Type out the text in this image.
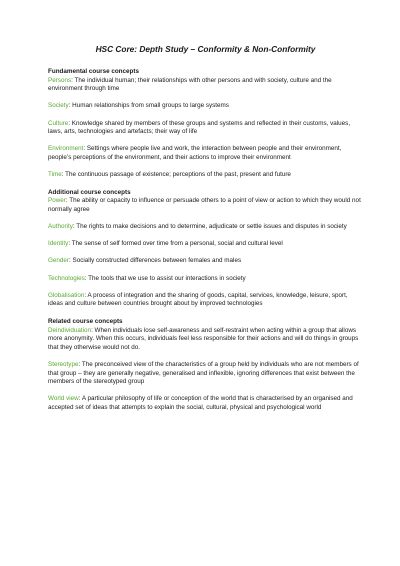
HSC Core: Depth Study – Conformity & Non-Conformity

Fundamental course concepts

Persons: The individual human; their relationships with other persons and with society, culture and the environment through time

Society: Human relationships from small groups to large systems

Culture: Knowledge shared by members of these groups and systems and reflected in their customs, values, laws, arts, technologies and artefacts; their way of life

Environment: Settings where people live and work, the interaction between people and their environment, people’s perceptions of the environment, and their actions to improve their environment

Time: The continuous passage of existence; perceptions of the past, present and future

Additional course concepts

Power: The ability or capacity to influence or persuade others to a point of view or action to which they would not normally agree

Authority: The rights to make decisions and to determine, adjudicate or settle issues and disputes in society

Identity: The sense of self formed over time from a personal, social and cultural level

Gender: Socially constructed differences between females and males

Technologies: The tools that we use to assist our interactions in society

Globalisation: A process of integration and the sharing of goods, capital, services, knowledge, leisure, sport, ideas and culture between countries brought about by improved technologies

Related course concepts

Deindividuation: When individuals lose self-awareness and self-restraint when acting within a group that allows more anonymity. When this occurs, individuals feel less responsible for their actions and will do things in groups that they otherwise would not do.

Stereotype: The preconceived view of the characteristics of a group held by individuals who are not members of that group – they are generally negative, generalised and inflexible, ignoring differences that exist between the members of the stereotyped group

World view: A particular philosophy of life or conception of the world that is characterised by an organised and accepted set of ideas that attempts to explain the social, cultural, physical and psychological world
